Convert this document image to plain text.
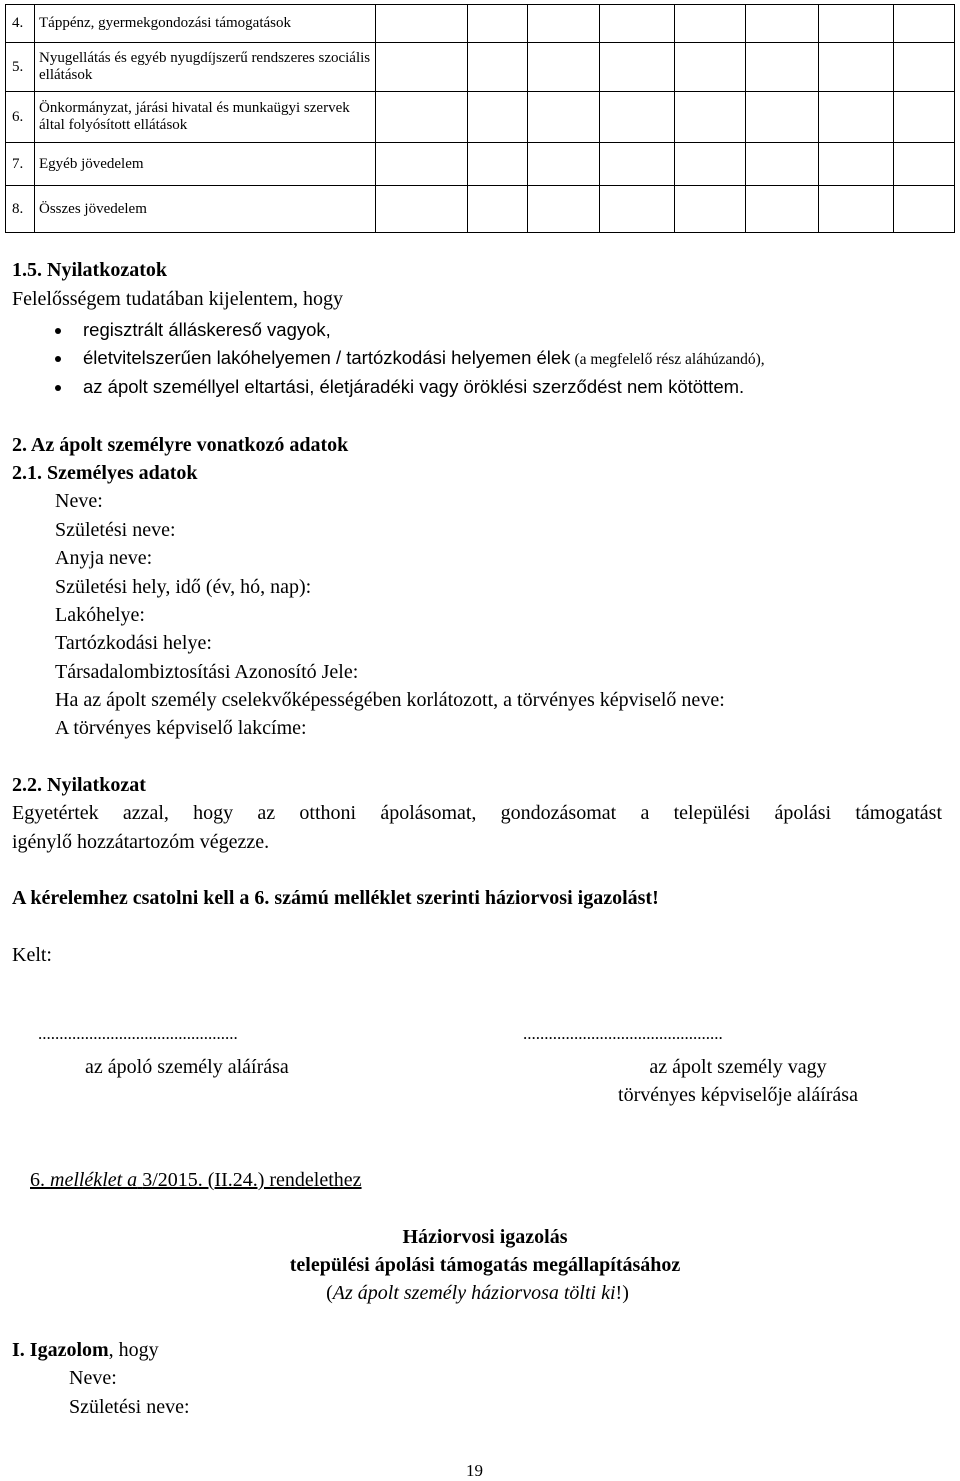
4.	Táppénz, gyermekgondozási támogatások								
5.	Nyugellátás és egyéb nyugdíjszerű rendszeres szociális ellátások								
6.	Önkormányzat, járási hivatal és munkaügyi szervek által folyósított ellátások								
7.	Egyéb jövedelem								
8.	Összes jövedelem								
1.5. Nyilatkozatok
Felelősségem tudatában kijelentem, hogy
regisztrált álláskereső vagyok,
életvitelszerűen lakóhelyemen / tartózkodási helyemen élek (a megfelelő rész aláhúzandó),
az ápolt személlyel eltartási, életjáradéki vagy öröklési szerződést nem kötöttem.
2. Az ápolt személyre vonatkozó adatok
2.1. Személyes adatok
Neve:
Születési neve:
Anyja neve:
Születési hely, idő (év, hó, nap):
Lakóhelye:
Tartózkodási helye:
Társadalombiztosítási Azonosító Jele:
Ha az ápolt személy cselekvőképességében korlátozott, a törvényes képviselő neve:
A törvényes képviselő lakcíme:
2.2. Nyilatkozat
Egyetértek azzal, hogy az otthoni ápolásomat, gondozásomat a települési ápolási támogatást
igénylő hozzátartozóm végezze.
A kérelemhez csatolni kell a 6. számú melléklet szerinti háziorvosi igazolást!
Kelt:
...............................................
az ápoló személy aláírása
...............................................
az ápolt személy vagy
törvényes képviselője aláírása
6. melléklet a 3/2015. (II.24.) rendelethez
Háziorvosi igazolás
települési ápolási támogatás megállapításához
(Az ápolt személy háziorvosa tölti ki!)
I. Igazolom, hogy
Neve:
Születési neve:
19
